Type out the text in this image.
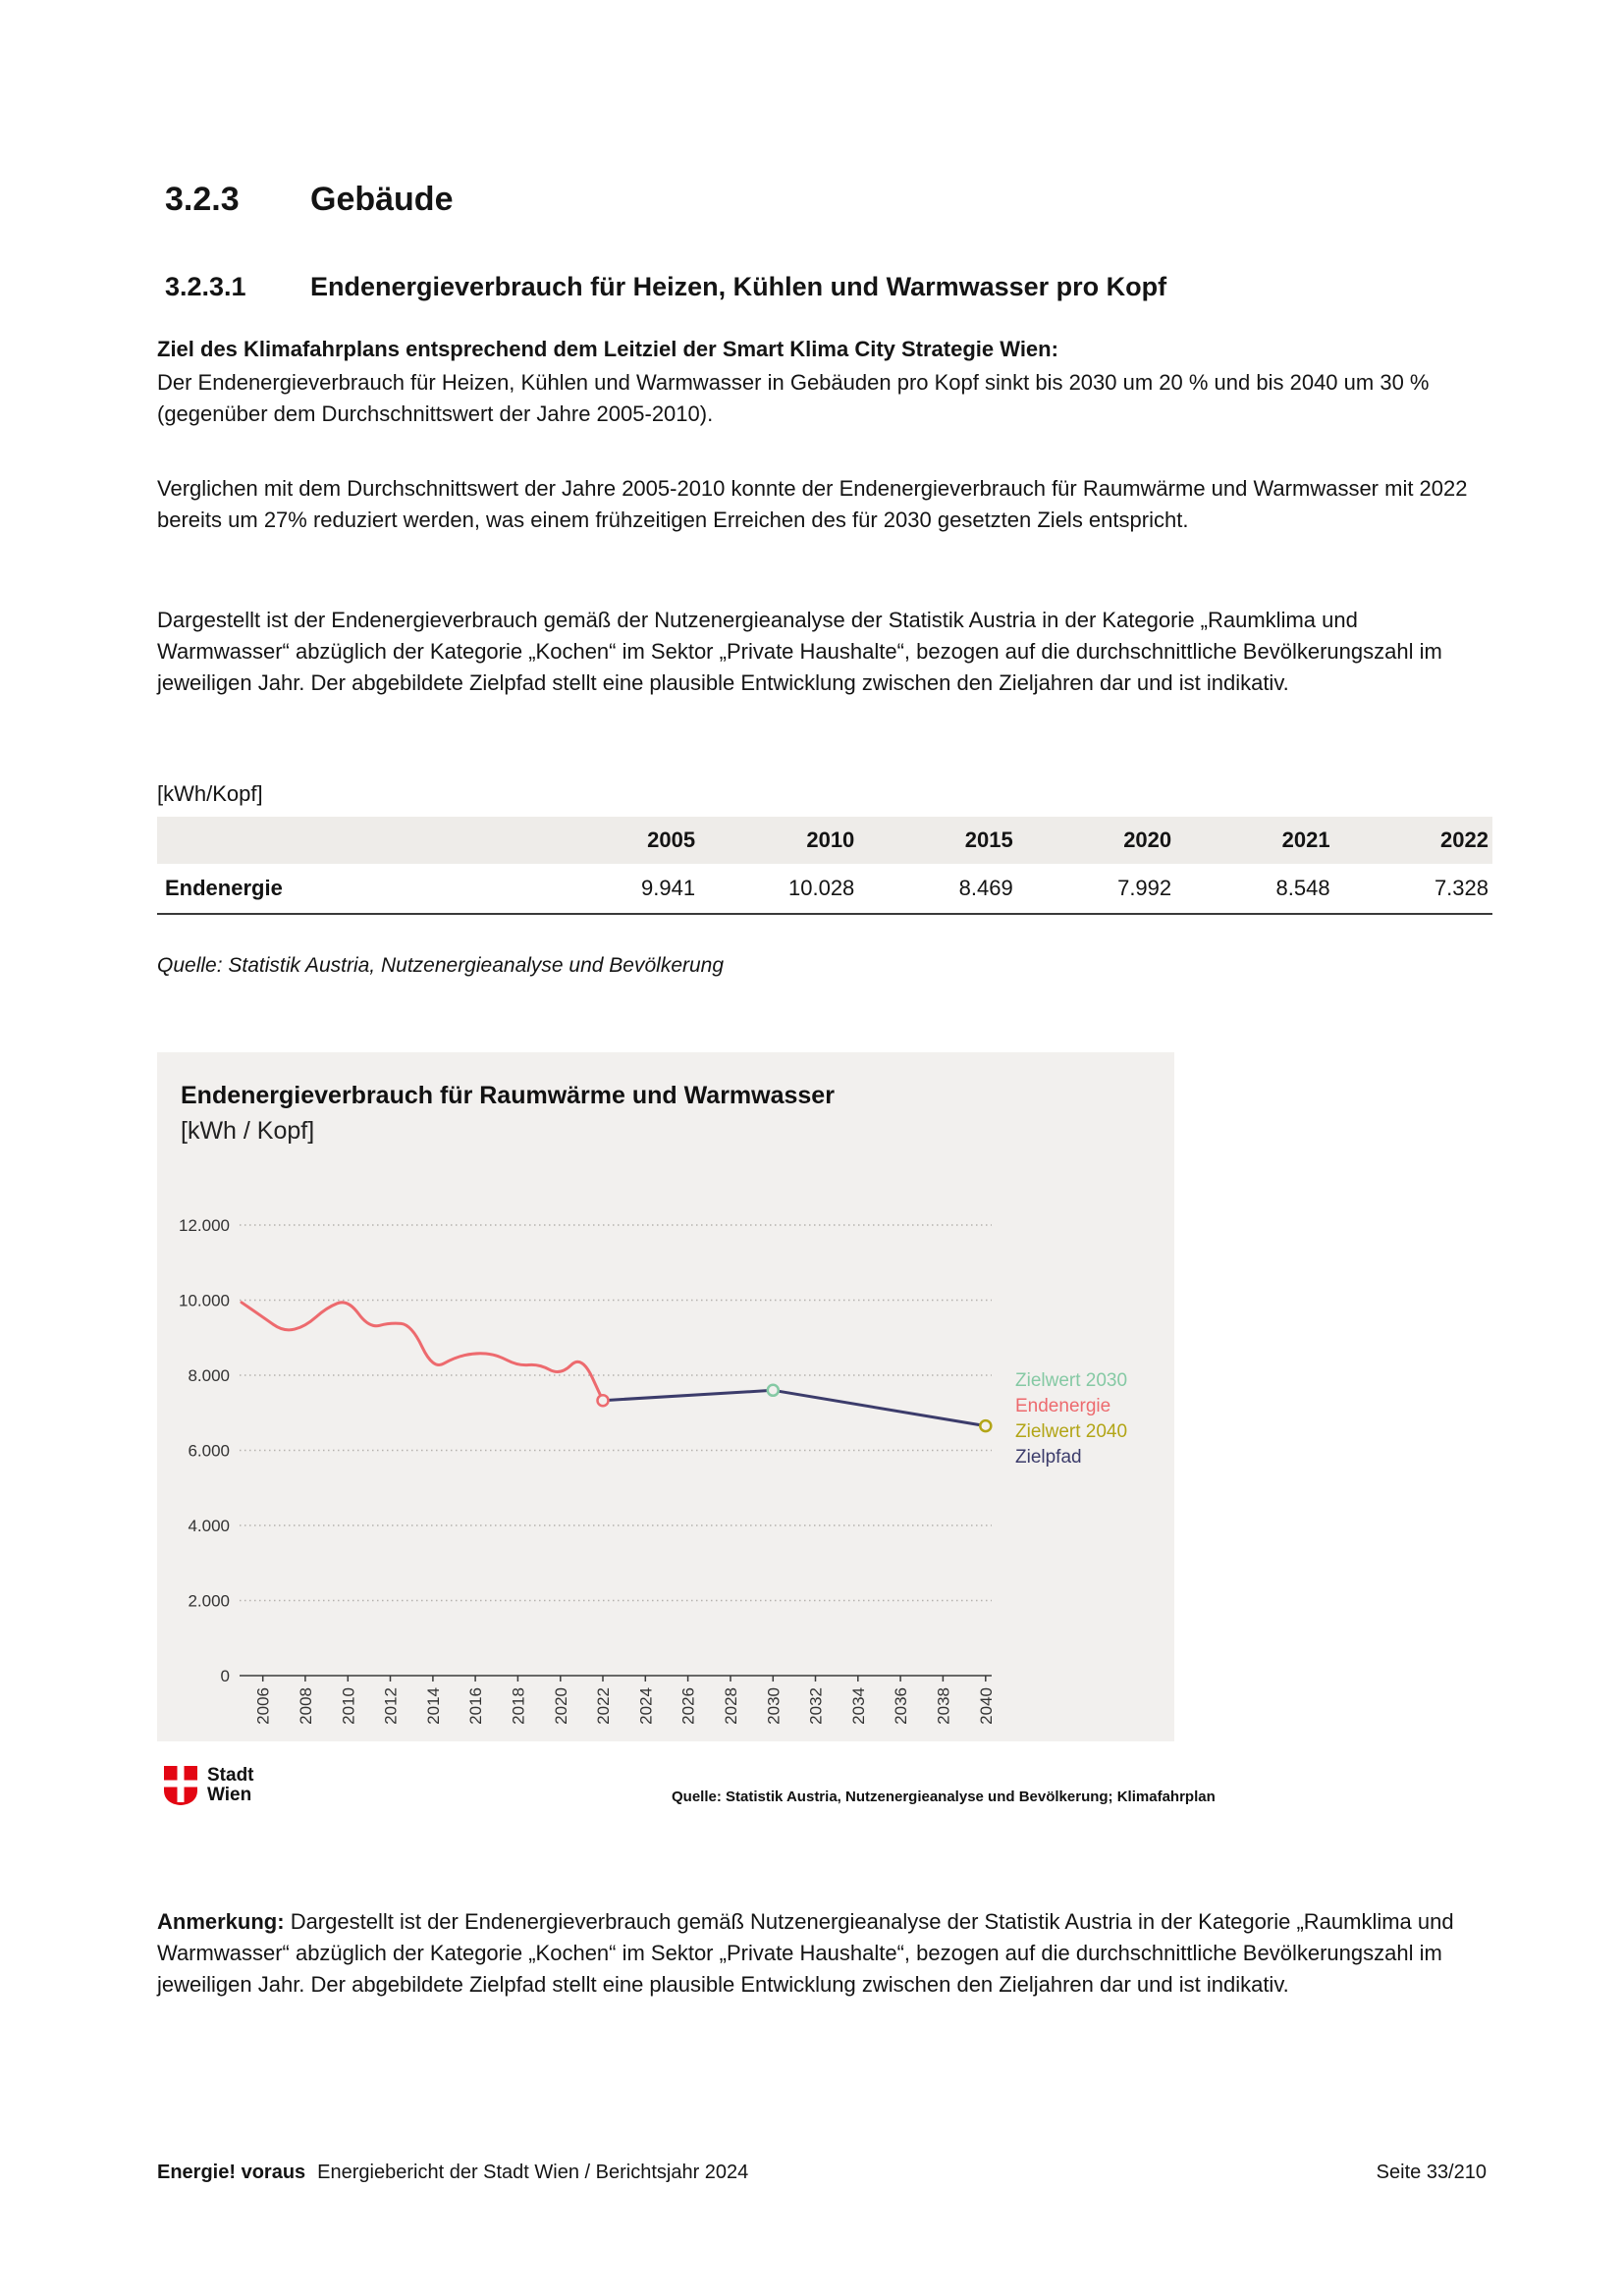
3.2.3	Gebäude
3.2.3.1	Endenergieverbrauch für Heizen, Kühlen und Warmwasser pro Kopf
Ziel des Klimafahrplans entsprechend dem Leitziel der Smart Klima City Strategie Wien:
Der Endenergieverbrauch für Heizen, Kühlen und Warmwasser in Gebäuden pro Kopf sinkt bis 2030 um 20 % und bis 2040 um 30 % (gegenüber dem Durchschnittswert der Jahre 2005-2010).
Verglichen mit dem Durchschnittswert der Jahre 2005-2010 konnte der Endenergieverbrauch für Raumwärme und Warmwasser mit 2022 bereits um 27% reduziert werden, was einem frühzeitigen Erreichen des für 2030 gesetzten Ziels entspricht.
Dargestellt ist der Endenergieverbrauch gemäß der Nutzenergieanalyse der Statistik Austria in der Kategorie „Raumklima und Warmwasser“ abzüglich der Kategorie „Kochen“ im Sektor „Private Haushalte“, bezogen auf die durchschnittliche Bevölkerungszahl im jeweiligen Jahr. Der abgebildete Zielpfad stellt eine plausible Entwicklung zwischen den Zieljahren dar und ist indikativ.
[kWh/Kopf]
	2005	2010	2015	2020	2021	2022
Endenergie	9.941	10.028	8.469	7.992	8.548	7.328
Quelle: Statistik Austria, Nutzenergieanalyse und Bevölkerung
Endenergieverbrauch für Raumwärme und Warmwasser
[kWh / Kopf]
0
2.000
4.000
6.000
8.000
10.000
12.000
2006 2008 2010 2012 2014 2016 2018 2020 2022 2024 2026 2028 2030 2032 2034 2036 2038 2040
Zielwert 2030
Endenergie
Zielwert 2040
Zielpfad
Stadt
Wien	Quelle: Statistik Austria, Nutzenergieanalyse und Bevölkerung; Klimafahrplan
Anmerkung: Dargestellt ist der Endenergieverbrauch gemäß Nutzenergieanalyse der Statistik Austria in der Kategorie „Raumklima und Warmwasser“ abzüglich der Kategorie „Kochen“ im Sektor „Private Haushalte“, bezogen auf die durchschnittliche Bevölkerungszahl im jeweiligen Jahr. Der abgebildete Zielpfad stellt eine plausible Entwicklung zwischen den Zieljahren dar und ist indikativ.
Energie! voraus Energiebericht der Stadt Wien / Berichtsjahr 2024	Seite 33/210
